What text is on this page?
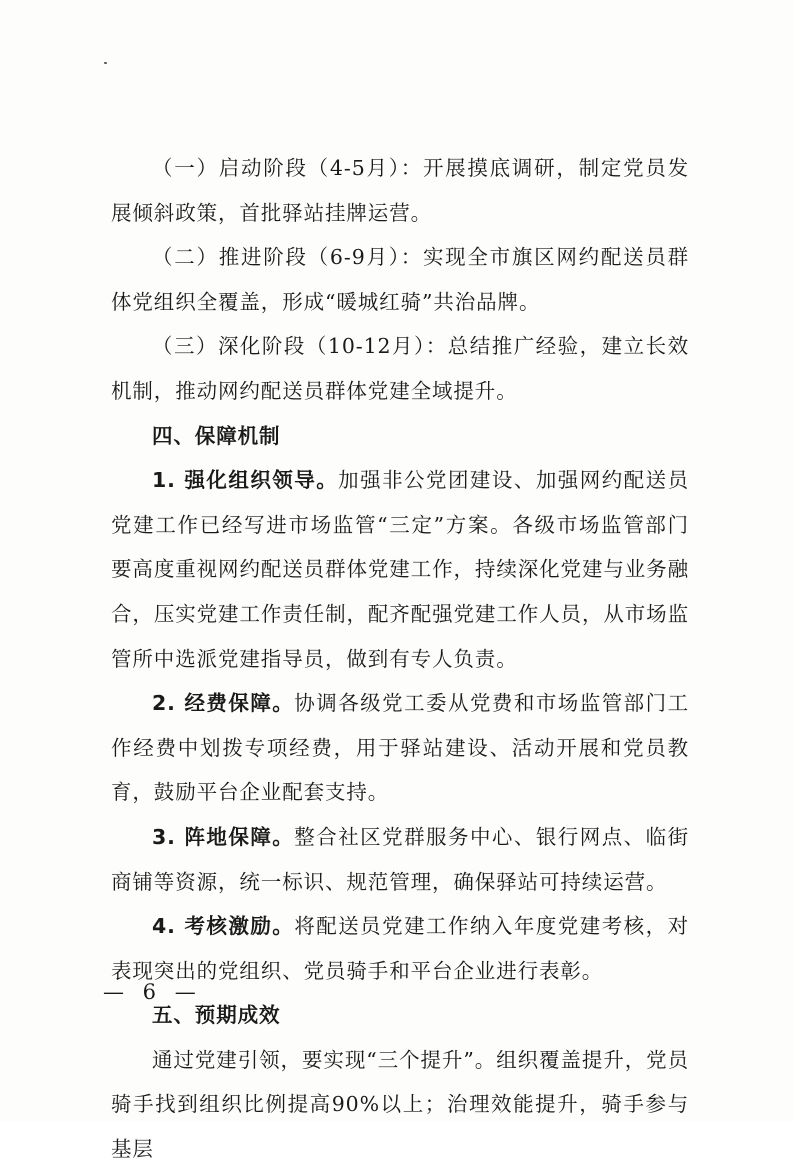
（一）启动阶段（4-5月）：开展摸底调研，制定党员发展倾斜政策，首批驿站挂牌运营。

（二）推进阶段（6-9月）：实现全市旗区网约配送员群体党组织全覆盖，形成“暖城红骑”共治品牌。

（三）深化阶段（10-12月）：总结推广经验，建立长效机制，推动网约配送员群体党建全域提升。

四、保障机制

1. 强化组织领导。加强非公党团建设、加强网约配送员党建工作已经写进市场监管“三定”方案。各级市场监管部门要高度重视网约配送员群体党建工作，持续深化党建与业务融合，压实党建工作责任制，配齐配强党建工作人员，从市场监管所中选派党建指导员，做到有专人负责。

2. 经费保障。协调各级党工委从党费和市场监管部门工作经费中划拨专项经费，用于驿站建设、活动开展和党员教育，鼓励平台企业配套支持。

3. 阵地保障。整合社区党群服务中心、银行网点、临街商铺等资源，统一标识、规范管理，确保驿站可持续运营。

4. 考核激励。将配送员党建工作纳入年度党建考核，对表现突出的党组织、党员骑手和平台企业进行表彰。

五、预期成效

通过党建引领，要实现“三个提升”。组织覆盖提升，党员骑手找到组织比例提高90%以上；治理效能提升，骑手参与基层

— 6 —
